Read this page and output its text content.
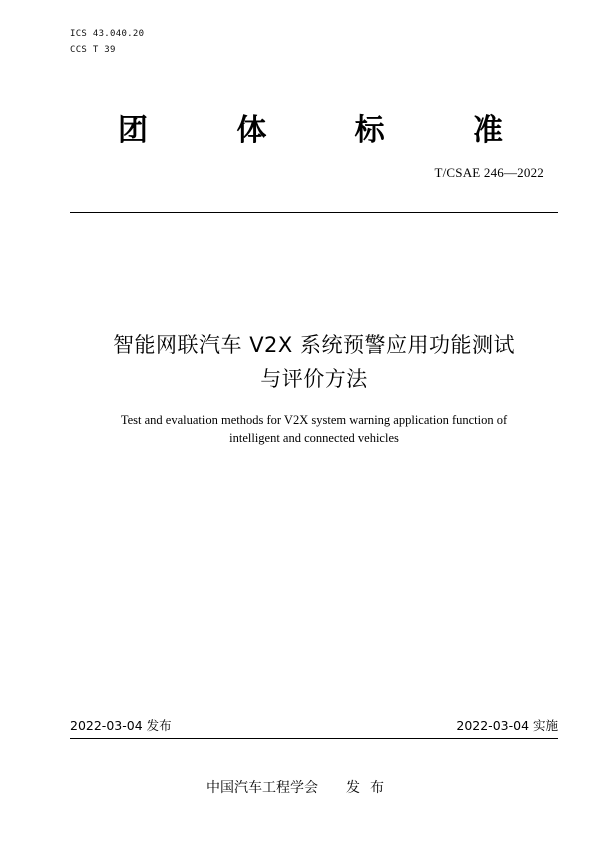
ICS 43.040.20
CCS T 39
团	体	标	准
T/CSAE 246—2022
智能网联汽车 V2X 系统预警应用功能测试
与评价方法
Test and evaluation methods for V2X system warning application function of
intelligent and connected vehicles
2022-03-04 发布	2022-03-04 实施
中国汽车工程学会 发布
